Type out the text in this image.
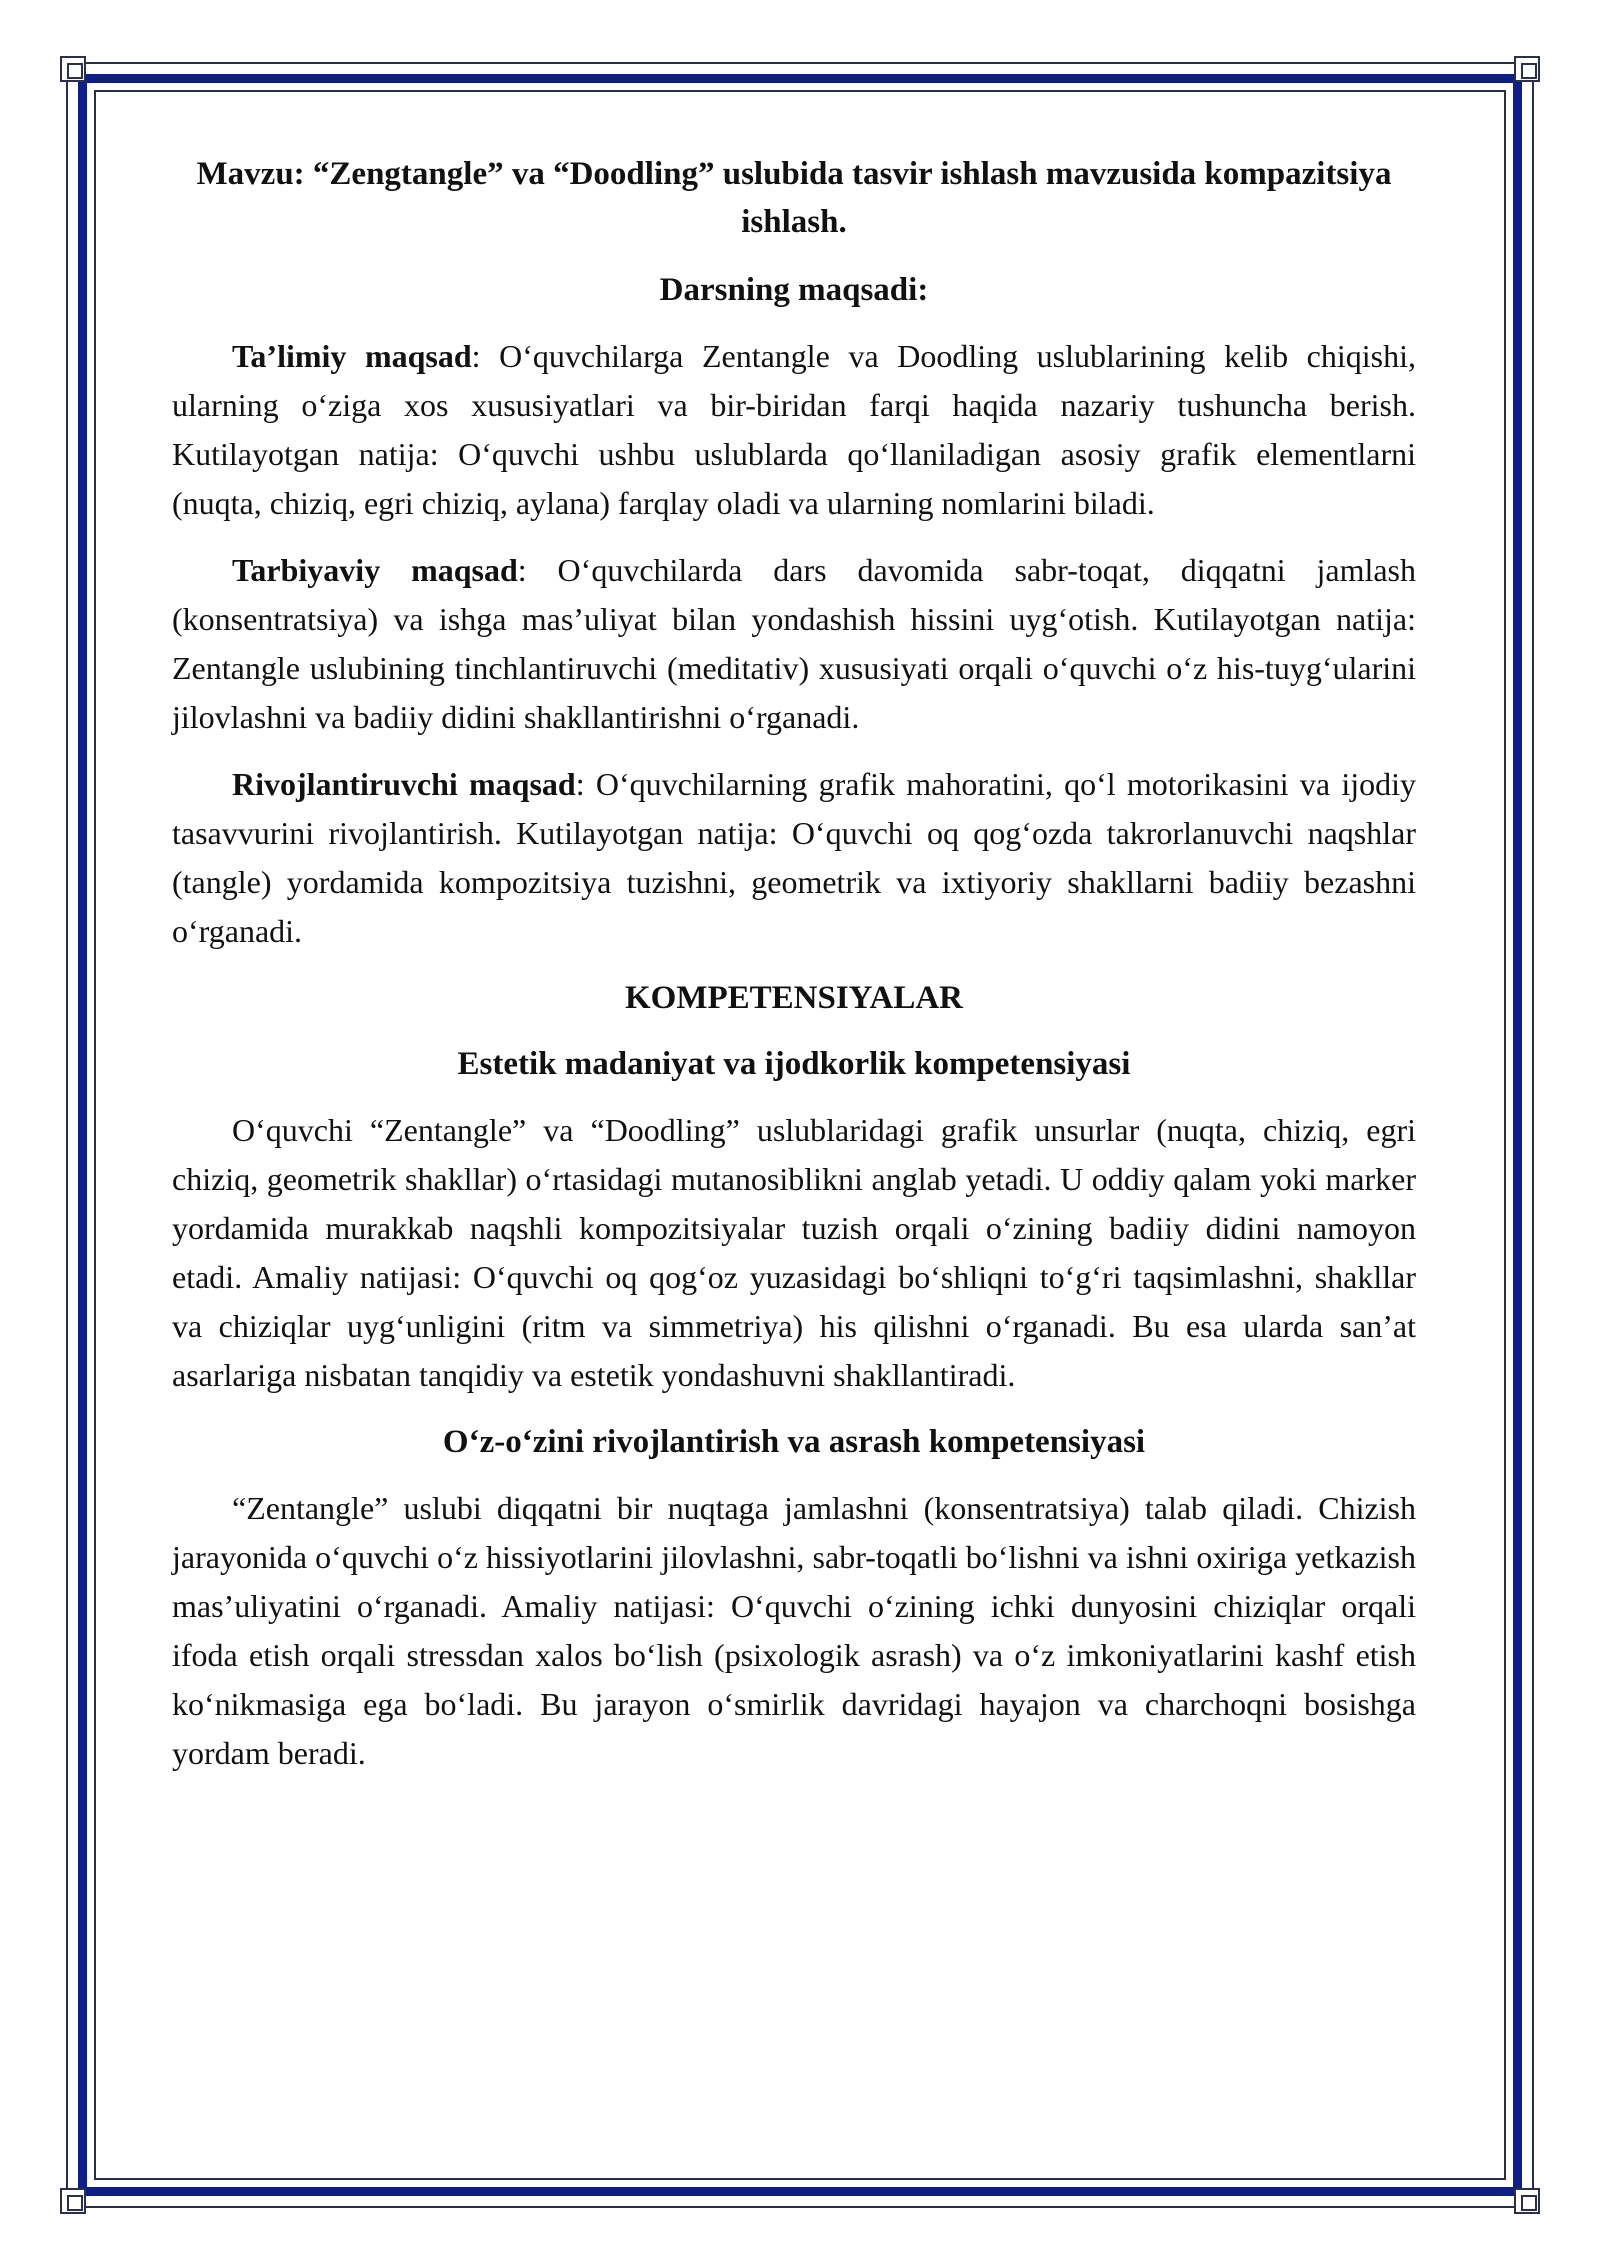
Mavzu: “Zengtangle” va “Doodling” uslubida tasvir ishlash mavzusida kompazitsiya ishlash.
Darsning maqsadi:

Ta’limiy maqsad: O‘quvchilarga Zentangle va Doodling uslublarining kelib chiqishi, ularning o‘ziga xos xususiyatlari va bir-biridan farqi haqida nazariy tushuncha berish. Kutilayotgan natija: O‘quvchi ushbu uslublarda qo‘llaniladigan asosiy grafik elementlarni (nuqta, chiziq, egri chiziq, aylana) farqlay oladi va ularning nomlarini biladi.

Tarbiyaviy maqsad: O‘quvchilarda dars davomida sabr-toqat, diqqatni jamlash (konsentratsiya) va ishga mas’uliyat bilan yondashish hissini uyg‘otish. Kutilayotgan natija: Zentangle uslubining tinchlantiruvchi (meditativ) xususiyati orqali o‘quvchi o‘z his-tuyg‘ularini jilovlashni va badiiy didini shakllantirishni o‘rganadi.

Rivojlantiruvchi maqsad: O‘quvchilarning grafik mahoratini, qo‘l motorikasini va ijodiy tasavvurini rivojlantirish. Kutilayotgan natija: O‘quvchi oq qog‘ozda takrorlanuvchi naqshlar (tangle) yordamida kompozitsiya tuzishni, geometrik va ixtiyoriy shakllarni badiiy bezashni o‘rganadi.

KOMPETENSIYALAR
Estetik madaniyat va ijodkorlik kompetensiyasi

O‘quvchi “Zentangle” va “Doodling” uslublaridagi grafik unsurlar (nuqta, chiziq, egri chiziq, geometrik shakllar) o‘rtasidagi mutanosiblikni anglab yetadi. U oddiy qalam yoki marker yordamida murakkab naqshli kompozitsiyalar tuzish orqali o‘zining badiiy didini namoyon etadi. Amaliy natijasi: O‘quvchi oq qog‘oz yuzasidagi bo‘shliqni to‘g‘ri taqsimlashni, shakllar va chiziqlar uyg‘unligini (ritm va simmetriya) his qilishni o‘rganadi. Bu esa ularda san’at asarlariga nisbatan tanqidiy va estetik yondashuvni shakllantiradi.

O‘z-o‘zini rivojlantirish va asrash kompetensiyasi

“Zentangle” uslubi diqqatni bir nuqtaga jamlashni (konsentratsiya) talab qiladi. Chizish jarayonida o‘quvchi o‘z hissiyotlarini jilovlashni, sabr-toqatli bo‘lishni va ishni oxiriga yetkazish mas’uliyatini o‘rganadi. Amaliy natijasi: O‘quvchi o‘zining ichki dunyosini chiziqlar orqali ifoda etish orqali stressdan xalos bo‘lish (psixologik asrash) va o‘z imkoniyatlarini kashf etish ko‘nikmasiga ega bo‘ladi. Bu jarayon o‘smirlik davridagi hayajon va charchoqni bosishga yordam beradi.
